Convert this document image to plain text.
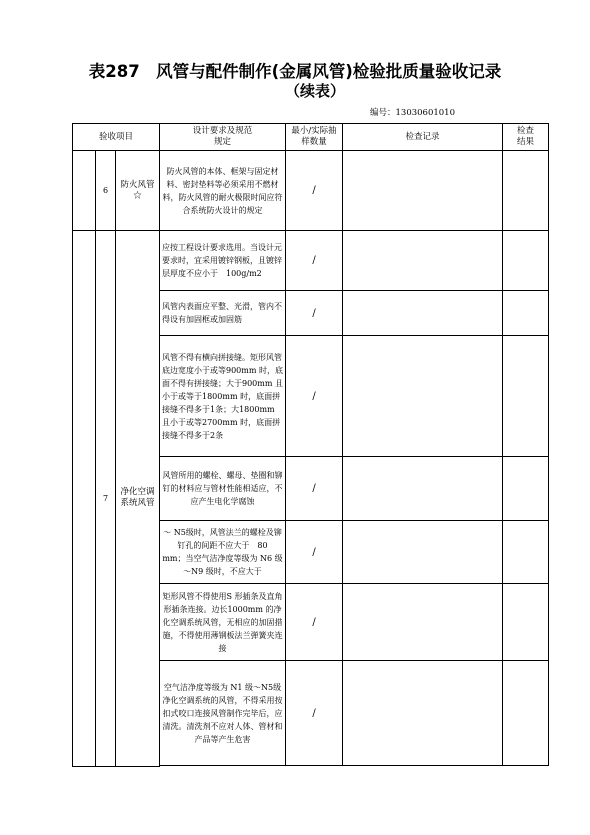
表287　风管与配件制作(金属风管)检验批质量验收记录
（续表）
编号：13030601010
验收项目			设计要求及规范规定	最小/实际抽样数量	检查记录	检查结果
	6	防火风管☆	防火风管的本体、框架与固定材料、密封垫料等必须采用不燃材料，防火风管的耐火极限时间应符合系统防火设计的规定	/		
	7	净化空调系统风管	应按工程设计要求选用。当设计元要求时，宜采用镀锌钢板，且镀锌层厚度不应小于　100g/m2	/		
			风管内表面应平整、光滑，管内不得设有加固框或加固筋	/		
			风管不得有横向拼接缝。矩形风管底边宽度小于或等900mm 时，底面不得有拼接缝；大于900mm 且小于或等于1800mm 时，底面拼接缝不得多于1条；大1800mm 且小于或等2700mm 时，底面拼接缝不得多于2条	/		
			风管所用的螺栓、螺母、垫圈和铆钉的材料应与管材性能相适应，不应产生电化学腐蚀	/		
			～ N5级时，风管法兰的螺栓及铆钉孔的间距不应大于　80　mm；当空气洁净度等级为 N6 级～N9 级时，不应大于	/		
			矩形风管不得使用S 形插条及直角形插条连接。边长1000mm 的净化空调系统风管，无相应的加固措施，不得使用薄钢板法兰弹簧夹连接	/		
			空气洁净度等级为 N1 级～N5级净化空调系统的风管，不得采用按扣式咬口连接风管制作完毕后，应清洗。清洗剂不应对人体、管材和产品等产生危害	/		
